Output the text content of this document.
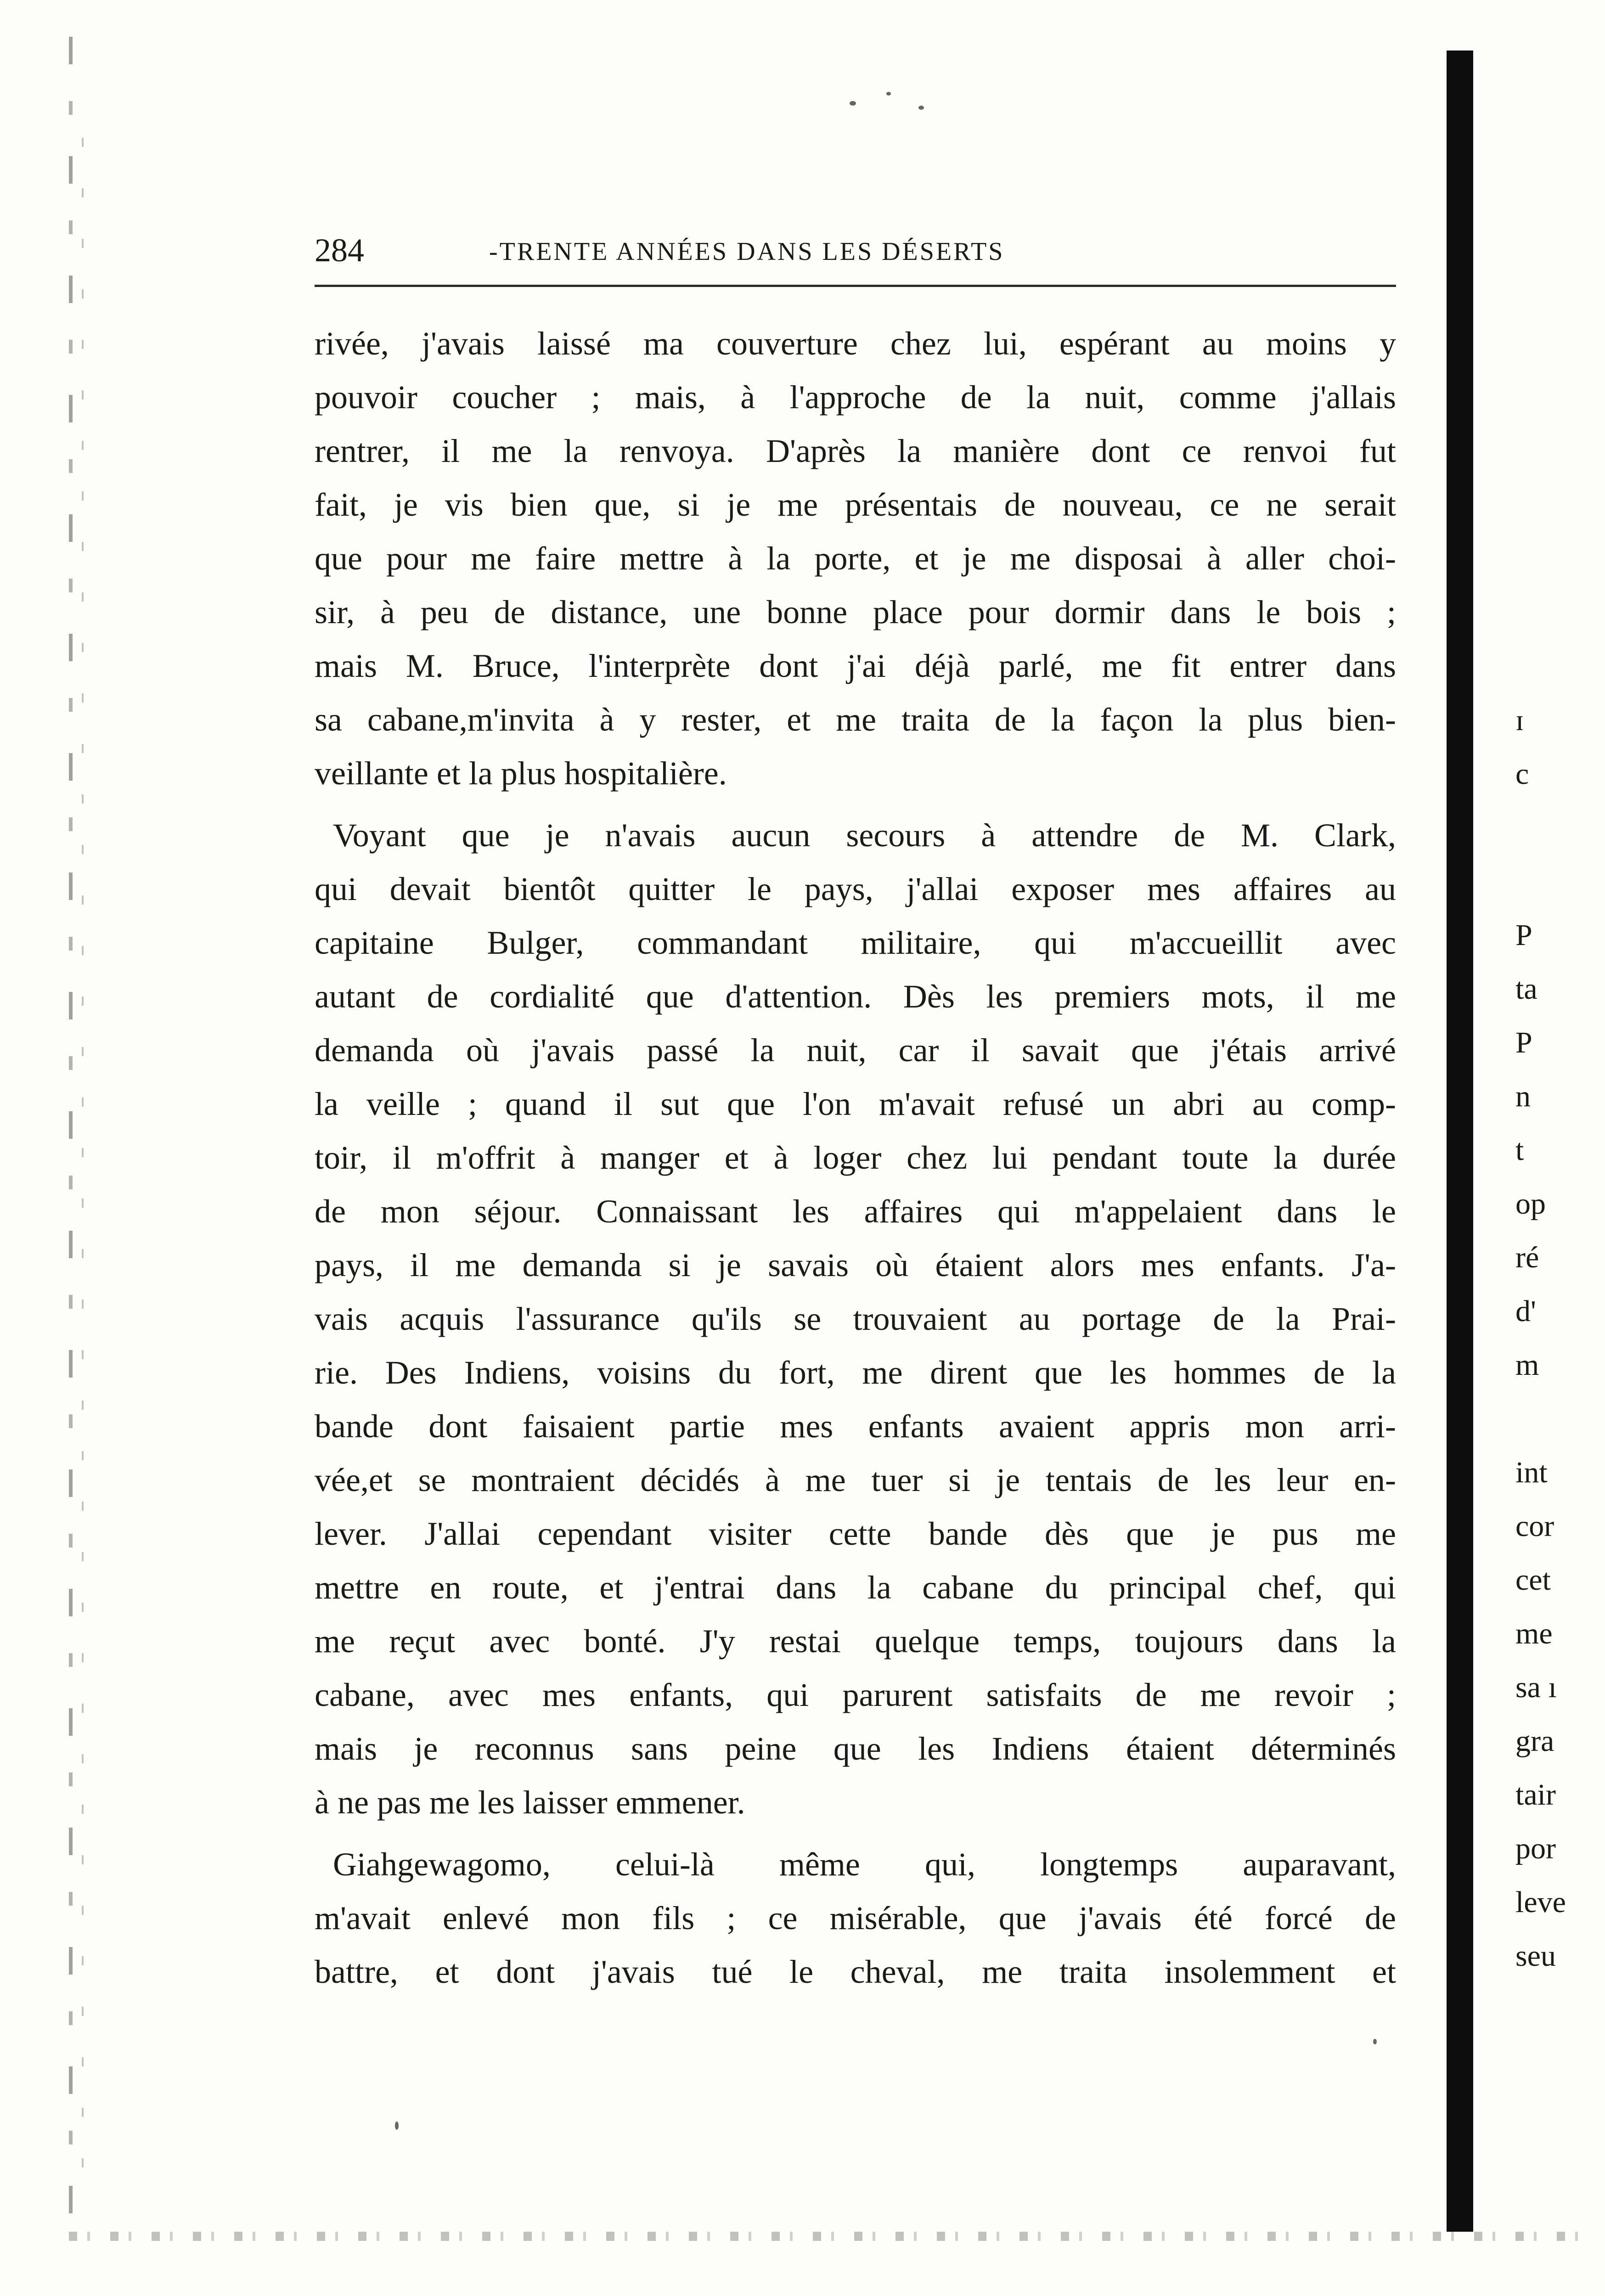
284	-TRENTE ANNÉES DANS LES DÉSERTS
rivée, j'avais laissé ma couverture chez lui, espérant au moins y
pouvoir coucher ; mais, à l'approche de la nuit, comme j'allais
rentrer, il me la renvoya. D'après la manière dont ce renvoi fut
fait, je vis bien que, si je me présentais de nouveau, ce ne serait
que pour me faire mettre à la porte, et je me disposai à aller choi-
sir, à peu de distance, une bonne place pour dormir dans le bois ;
mais M. Bruce, l'interprète dont j'ai déjà parlé, me fit entrer dans
sa cabane,m'invita à y rester, et me traita de la façon la plus bien-
veillante et la plus hospitalière.
Voyant que je n'avais aucun secours à attendre de M. Clark,
qui devait bientôt quitter le pays, j'allai exposer mes affaires au
capitaine Bulger, commandant militaire, qui m'accueillit avec
autant de cordialité que d'attention. Dès les premiers mots, il me
demanda où j'avais passé la nuit, car il savait que j'étais arrivé
la veille ; quand il sut que l'on m'avait refusé un abri au comp-
toir, il m'offrit à manger et à loger chez lui pendant toute la durée
de mon séjour. Connaissant les affaires qui m'appelaient dans le
pays, il me demanda si je savais où étaient alors mes enfants. J'a-
vais acquis l'assurance qu'ils se trouvaient au portage de la Prai-
rie. Des Indiens, voisins du fort, me dirent que les hommes de la
bande dont faisaient partie mes enfants avaient appris mon arri-
vée,et se montraient décidés à me tuer si je tentais de les leur en-
lever. J'allai cependant visiter cette bande dès que je pus me
mettre en route, et j'entrai dans la cabane du principal chef, qui
me reçut avec bonté. J'y restai quelque temps, toujours dans la
cabane, avec mes enfants, qui parurent satisfaits de me revoir ;
mais je reconnus sans peine que les Indiens étaient déterminés
à ne pas me les laisser emmener.
Giahgewagomo, celui-là même qui, longtemps auparavant,
m'avait enlevé mon fils ; ce misérable, que j'avais été forcé de
battre, et dont j'avais tué le cheval, me traita insolemment et
ɪ
c
P
ta
P
n
t
op
ré
d'
m
int
cor
cet
me
sa ı
gra
tair
por
leve
seu
